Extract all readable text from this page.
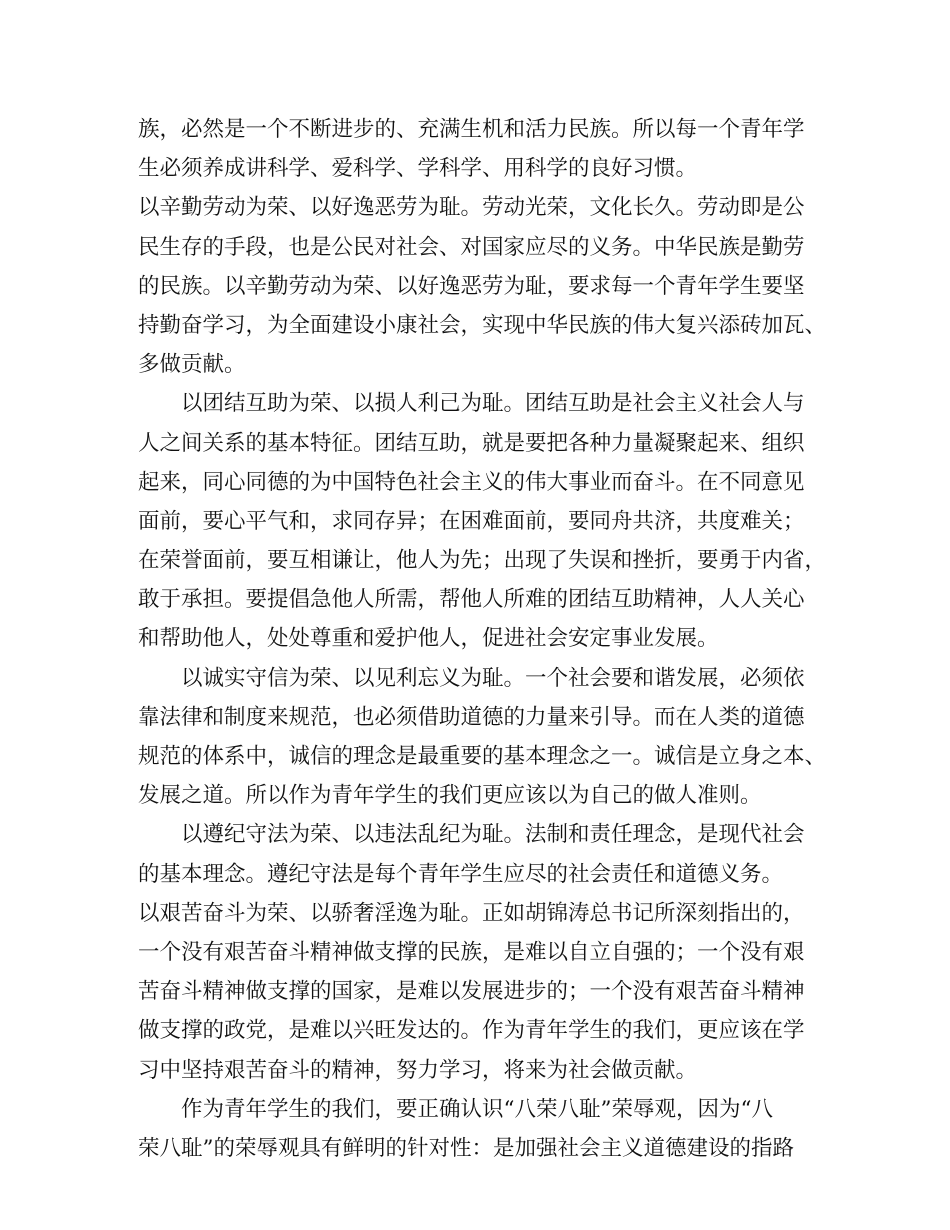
族，必然是一个不断进步的、充满生机和活力民族。所以每一个青年学
生必须养成讲科学、爱科学、学科学、用科学的良好习惯。
以辛勤劳动为荣、以好逸恶劳为耻。劳动光荣，文化长久。劳动即是公
民生存的手段，也是公民对社会、对国家应尽的义务。中华民族是勤劳
的民族。以辛勤劳动为荣、以好逸恶劳为耻，要求每一个青年学生要坚
持勤奋学习，为全面建设小康社会，实现中华民族的伟大复兴添砖加瓦、
多做贡献。
以团结互助为荣、以损人利己为耻。团结互助是社会主义社会人与
人之间关系的基本特征。团结互助，就是要把各种力量凝聚起来、组织
起来，同心同德的为中国特色社会主义的伟大事业而奋斗。在不同意见
面前，要心平气和，求同存异；在困难面前，要同舟共济，共度难关；
在荣誉面前，要互相谦让，他人为先；出现了失误和挫折，要勇于内省，
敢于承担。要提倡急他人所需，帮他人所难的团结互助精神，人人关心
和帮助他人，处处尊重和爱护他人，促进社会安定事业发展。
以诚实守信为荣、以见利忘义为耻。一个社会要和谐发展，必须依
靠法律和制度来规范，也必须借助道德的力量来引导。而在人类的道德
规范的体系中，诚信的理念是最重要的基本理念之一。诚信是立身之本、
发展之道。所以作为青年学生的我们更应该以为自己的做人准则。
以遵纪守法为荣、以违法乱纪为耻。法制和责任理念，是现代社会
的基本理念。遵纪守法是每个青年学生应尽的社会责任和道德义务。
以艰苦奋斗为荣、以骄奢淫逸为耻。正如胡锦涛总书记所深刻指出的，
一个没有艰苦奋斗精神做支撑的民族，是难以自立自强的；一个没有艰
苦奋斗精神做支撑的国家，是难以发展进步的；一个没有艰苦奋斗精神
做支撑的政党，是难以兴旺发达的。作为青年学生的我们，更应该在学
习中坚持艰苦奋斗的精神，努力学习，将来为社会做贡献。
作为青年学生的我们，要正确认识“八荣八耻”荣辱观，因为“八
荣八耻”的荣辱观具有鲜明的针对性：是加强社会主义道德建设的指路
